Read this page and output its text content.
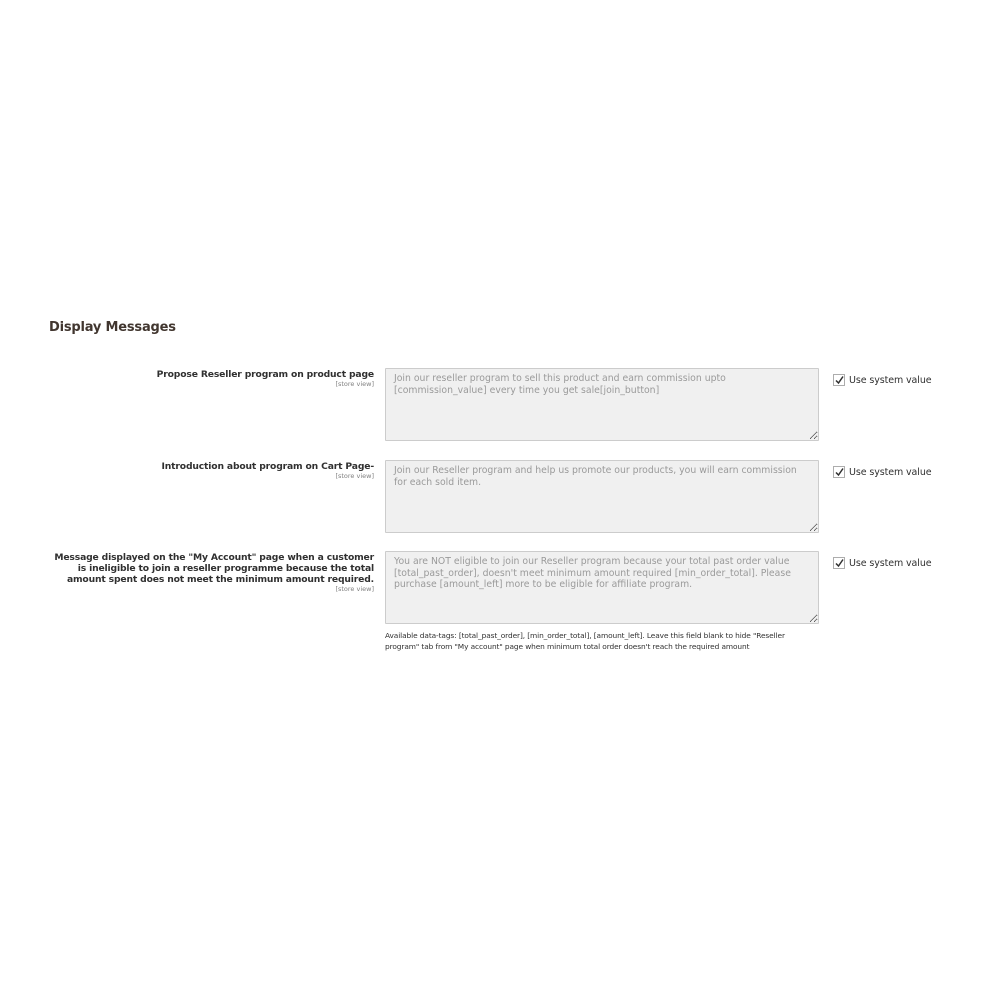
Display Messages
Propose Reseller program on product page
[store view]
Join our reseller program to sell this product and earn commission upto [commission_value] every time you get sale[join_button]	Use system value
Introduction about program on Cart Page-
[store view]
Join our Reseller program and help us promote our products, you will earn commission for each sold item.	Use system value
Message displayed on the "My Account" page when a customer is ineligible to join a reseller programme because the total amount spent does not meet the minimum amount required.
[store view]
You are NOT eligible to join our Reseller program because your total past order value [total_past_order], doesn't meet minimum amount required [min_order_total]. Please purchase [amount_left] more to be eligible for affiliate program.
Available data-tags: [total_past_order], [min_order_total], [amount_left]. Leave this field blank to hide "Reseller program" tab from "My account" page when minimum total order doesn't reach the required amount
Use system value
